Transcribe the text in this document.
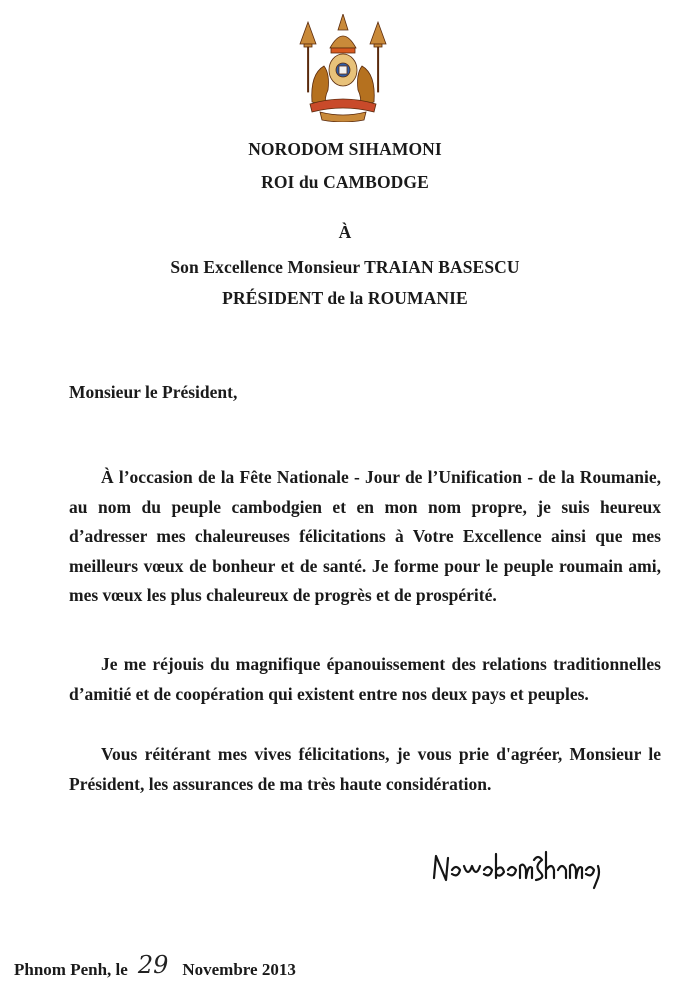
NORODOM SIHAMONI
ROI du CAMBODGE
À
Son Excellence Monsieur TRAIAN BASESCU
PRÉSIDENT de la ROUMANIE
Monsieur le Président,
À l’occasion de la Fête Nationale - Jour de l’Unification - de la Roumanie, au nom du peuple cambodgien et en mon nom propre, je suis heureux d’adresser mes chaleureuses félicitations à Votre Excellence ainsi que mes meilleurs vœux de bonheur et de santé. Je forme pour le peuple roumain ami, mes vœux les plus chaleureux de progrès et de prospérité.
Je me réjouis du magnifique épanouissement des relations traditionnelles d’amitié et de coopération qui existent entre nos deux pays et peuples.
Vous réitérant mes vives félicitations, je vous prie d'agréer, Monsieur le Président, les assurances de ma très haute considération.
Phnom Penh, le 29 Novembre 2013
